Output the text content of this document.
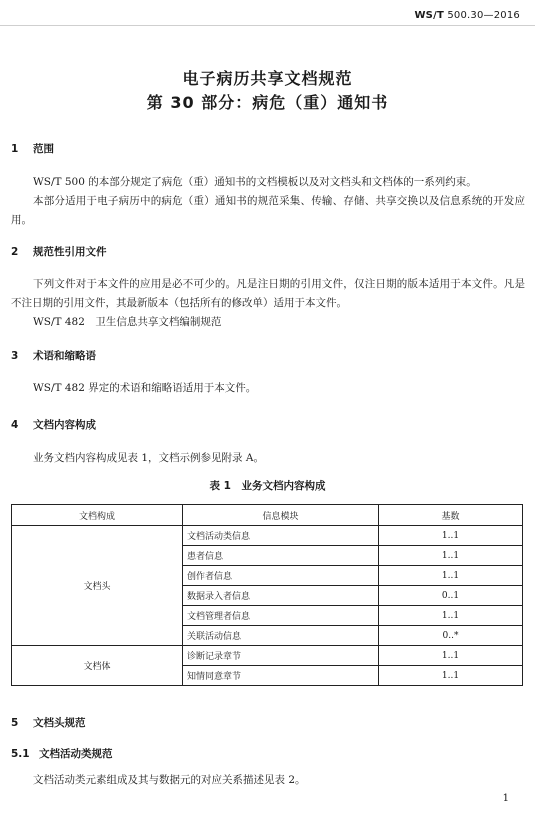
WS/T 500.30—2016
电子病历共享文档规范
第 30 部分：病危（重）通知书
1 范围
WS/T 500 的本部分规定了病危（重）通知书的文档模板以及对文档头和文档体的一系列约束。
本部分适用于电子病历中的病危（重）通知书的规范采集、传输、存储、共享交换以及信息系统的开发应用。
2 规范性引用文件
下列文件对于本文件的应用是必不可少的。凡是注日期的引用文件，仅注日期的版本适用于本文件。凡是不注日期的引用文件，其最新版本（包括所有的修改单）适用于本文件。
WS/T 482　卫生信息共享文档编制规范
3 术语和缩略语
WS/T 482 界定的术语和缩略语适用于本文件。
4 文档内容构成
业务文档内容构成见表 1，文档示例参见附录 A。
表 1　业务文档内容构成
文档构成	信息模块	基数
文档头	文档活动类信息	1..1
	患者信息	1..1
	创作者信息	1..1
	数据录入者信息	0..1
	文档管理者信息	1..1
	关联活动信息	0..*
文档体	诊断记录章节	1..1
	知情同意章节	1..1
5 文档头规范
5.1 文档活动类规范
文档活动类元素组成及其与数据元的对应关系描述见表 2。
1
